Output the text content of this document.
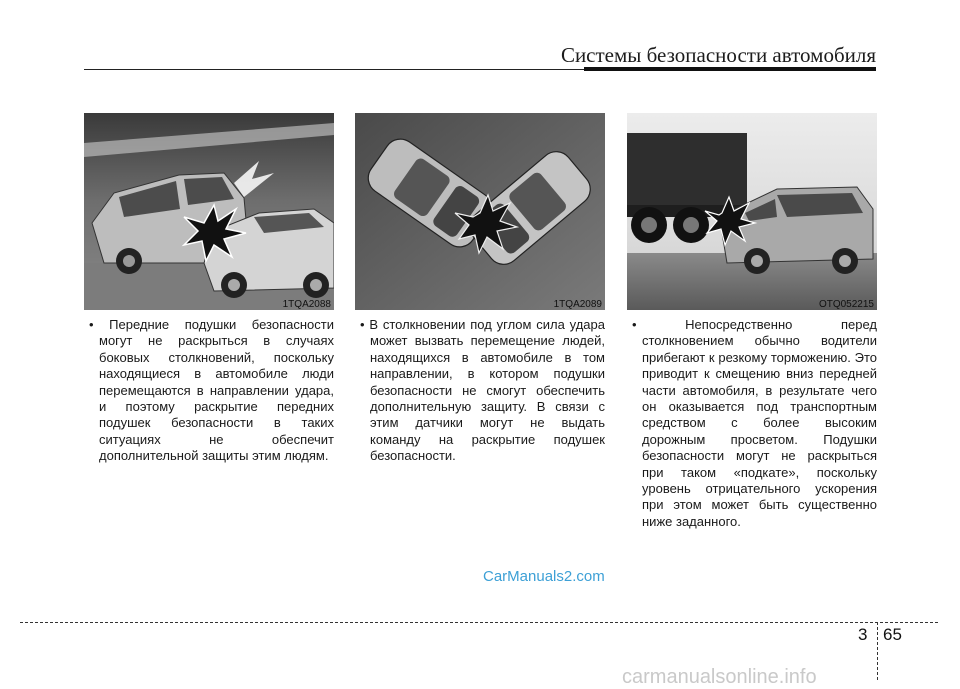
Системы безопасности автомобиля
1TQA2088	1TQA2089	OTQ052215

• Передние подушки безопасности могут не раскрыться в случаях боковых столкновений, поскольку находящиеся в автомобиле люди перемещаются в направлении удара, и поэтому раскрытие передних подушек безопасности в таких ситуациях не обеспечит дополнительной защиты этим людям.

• В столкновении под углом сила удара может вызвать перемещение людей, находящихся в автомобиле в том направлении, в котором подушки безопасности не смогут обеспечить дополнительную защиту. В связи с этим датчики могут не выдать команду на раскрытие подушек безопасности.

• Непосредственно перед столкновением обычно водители прибегают к резкому торможению. Это приводит к смещению вниз передней части автомобиля, в результате чего он оказывается под транспортным средством с более высоким дорожным просветом. Подушки безопасности могут не раскрыться при таком «подкате», поскольку уровень отрицательного ускорения при этом может быть существенно ниже заданного.

CarManuals2.com
3 65
carmanualsonline.info
